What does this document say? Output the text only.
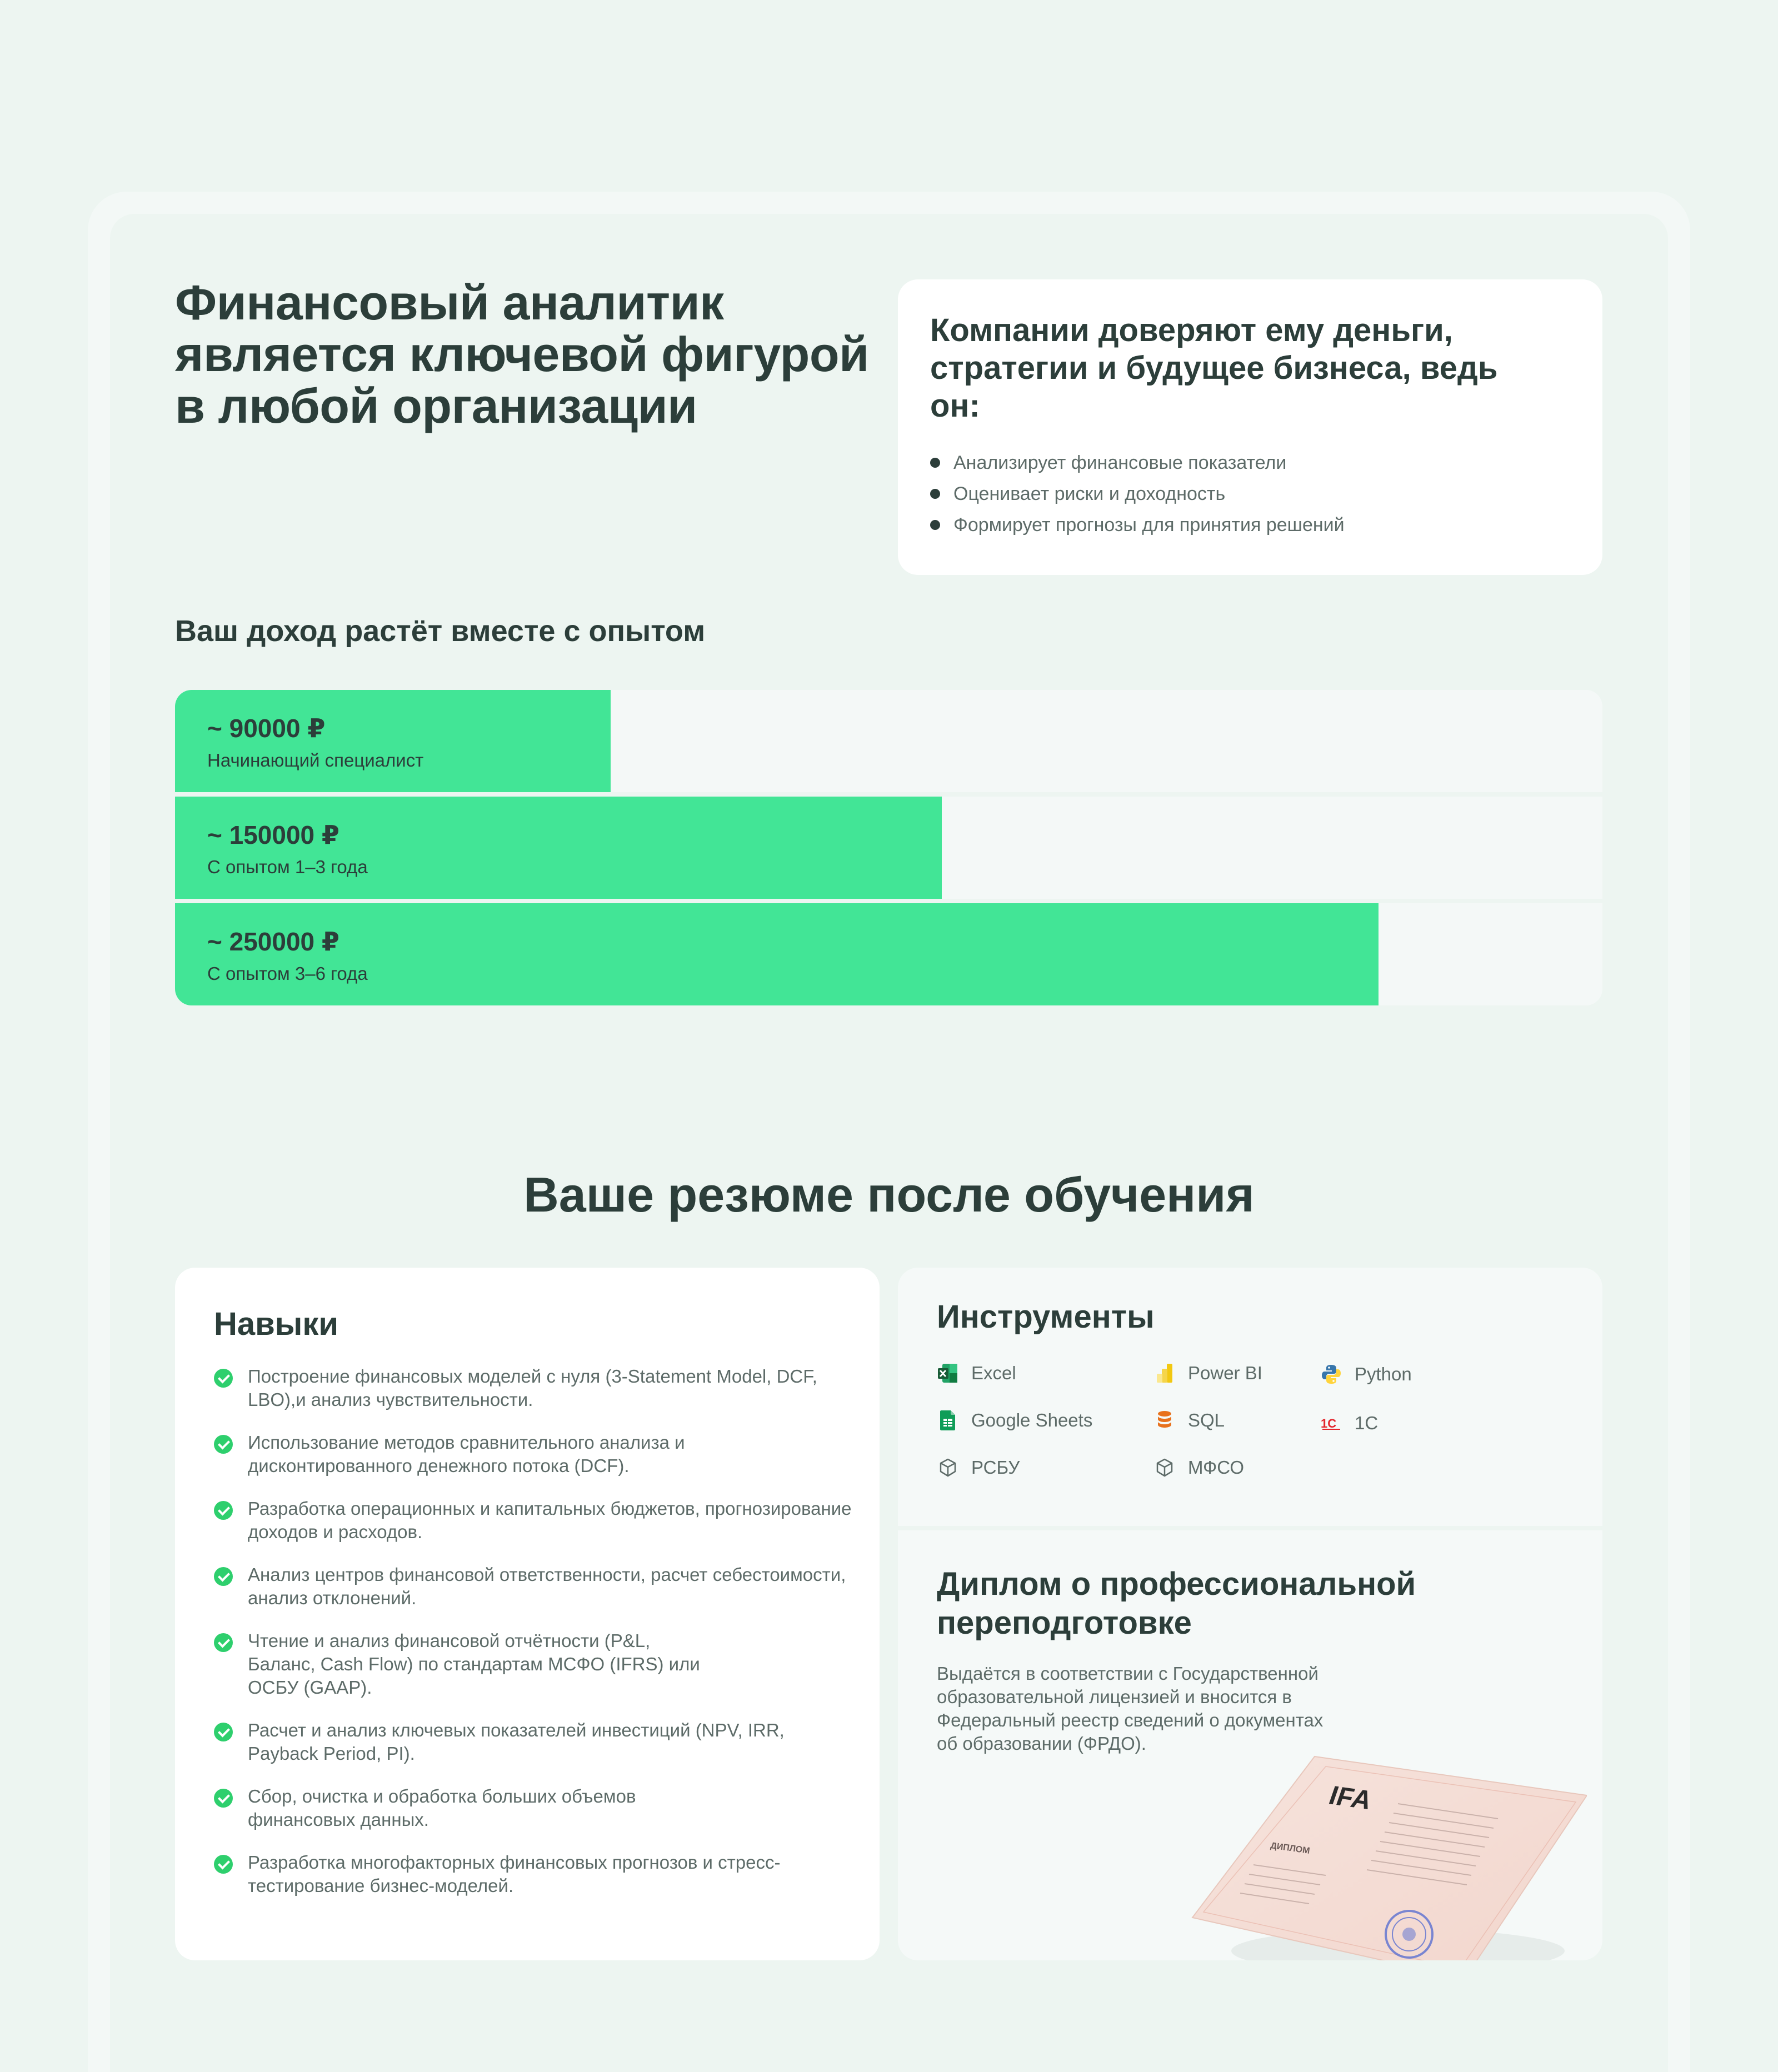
Финансовый аналитик является ключевой фигурой в любой организации
Компании доверяют ему деньги, стратегии и будущее бизнеса, ведь он:
Анализирует финансовые показатели
Оценивает риски и доходность
Формирует прогнозы для принятия решений
Ваш доход растёт вместе с опытом
~ 90000 ₽
Начинающий специалист
~ 150000 ₽
С опытом 1–3 года
~ 250000 ₽
С опытом 3–6 года
Ваше резюме после обучения
Навыки
Построение финансовых моделей с нуля (3-Statement Model, DCF, LBO),и анализ чувствительности.
Использование методов сравнительного анализа и дисконтированного денежного потока (DCF).
Разработка операционных и капитальных бюджетов, прогнозирование доходов и расходов.
Анализ центров финансовой ответственности, расчет себестоимости, анализ отклонений.
Чтение и анализ финансовой отчётности (P&L, Баланс, Cash Flow) по стандартам МСФО (IFRS) или ОСБУ (GAAP).
Расчет и анализ ключевых показателей инвестиций (NPV, IRR, Payback Period, PI).
Сбор, очистка и обработка больших объемов финансовых данных.
Разработка многофакторных финансовых прогнозов и стресс-тестирование бизнес-моделей.
Инструменты
Excel	Power BI	Python
Google Sheets	SQL	1C 1С
РСБУ	МФСО
Диплом о профессиональной переподготовке

Выдаётся в соответствии с Государственной образовательной лицензией и вносится в Федеральный реестр сведений о документах об образовании (ФРДО).

IFA
ДИПЛОМ
